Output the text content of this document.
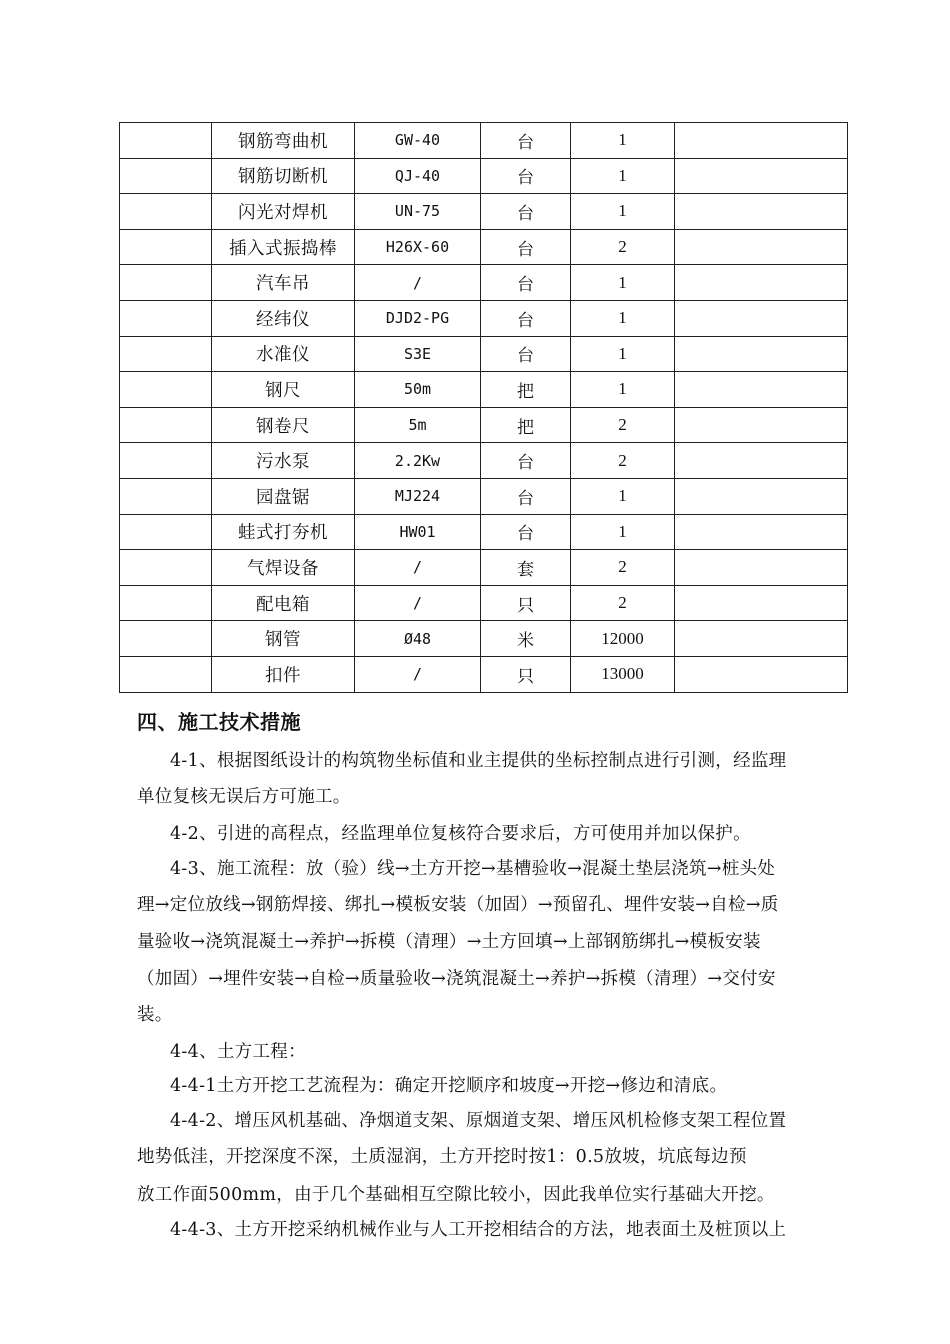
	钢筋弯曲机	GW-40	台	1	
	钢筋切断机	QJ-40	台	1	
	闪光对焊机	UN-75	台	1	
	插入式振捣棒	H26X-60	台	2	
	汽车吊	/	台	1	
	经纬仪	DJD2-PG	台	1	
	水准仪	S3E	台	1	
	钢尺	50m	把	1	
	钢卷尺	5m	把	2	
	污水泵	2.2Kw	台	2	
	园盘锯	MJ224	台	1	
	蛙式打夯机	HW01	台	1	
	气焊设备	/	套	2	
	配电箱	/	只	2	
	钢管	Ø48	米	12000	
	扣件	/	只	13000	
四、施工技术措施
4-1、根据图纸设计的构筑物坐标值和业主提供的坐标控制点进行引测，经监理
单位复核无误后方可施工。
4-2、引进的高程点，经监理单位复核符合要求后，方可使用并加以保护。
4-3、施工流程：放（验）线→土方开挖→基槽验收→混凝土垫层浇筑→桩头处
理→定位放线→钢筋焊接、绑扎→模板安装（加固）→预留孔、埋件安装→自检→质
量验收→浇筑混凝土→养护→拆模（清理）→土方回填→上部钢筋绑扎→模板安装
（加固）→埋件安装→自检→质量验收→浇筑混凝土→养护→拆模（清理）→交付安
装。
4-4、土方工程：
4-4-1土方开挖工艺流程为：确定开挖顺序和坡度→开挖→修边和清底。
4-4-2、增压风机基础、净烟道支架、原烟道支架、增压风机检修支架工程位置
地势低洼，开挖深度不深，土质湿润，土方开挖时按1：0.5放坡，坑底每边预
放工作面500mm，由于几个基础相互空隙比较小，因此我单位实行基础大开挖。
4-4-3、土方开挖采纳机械作业与人工开挖相结合的方法，地表面土及桩顶以上
